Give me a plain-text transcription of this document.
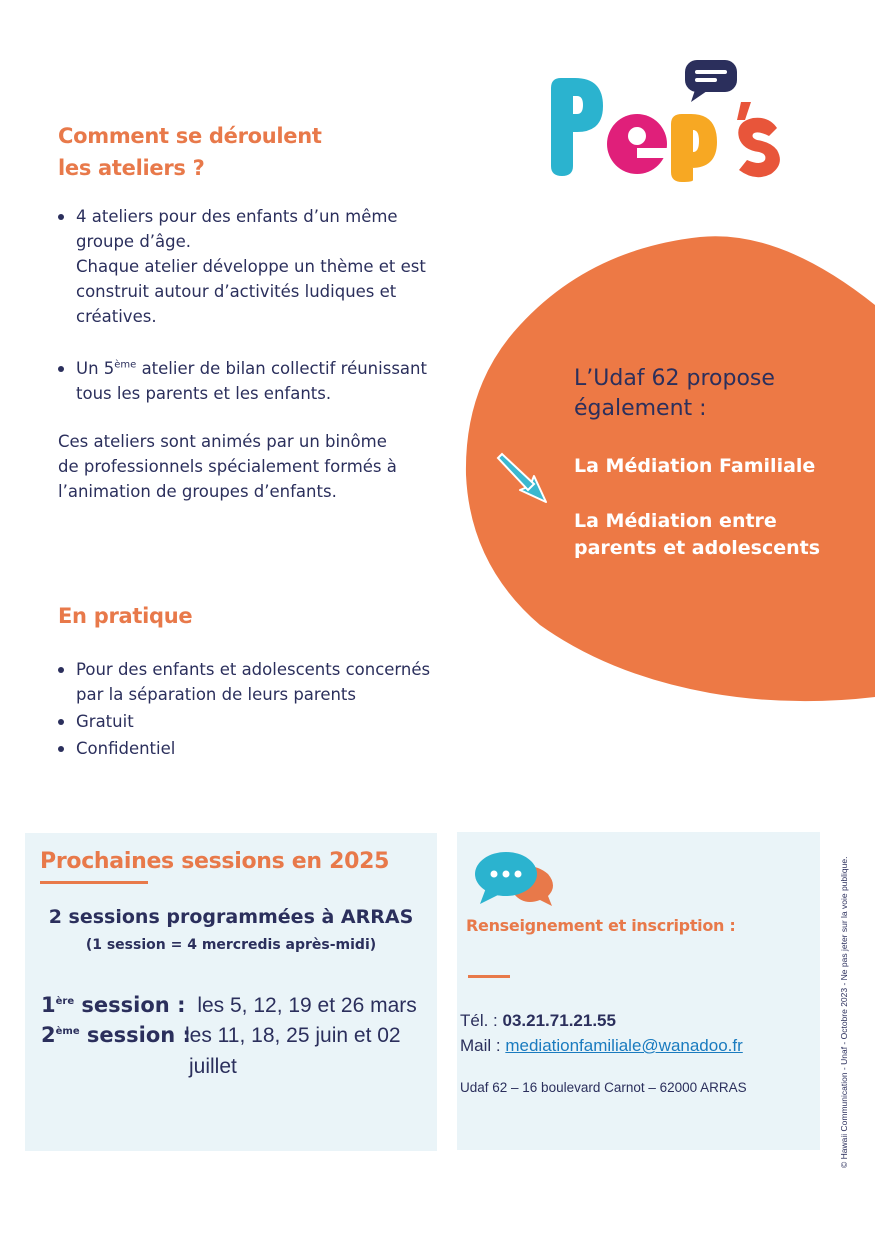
Comment se déroulent
les ateliers ?
4 ateliers pour des enfants d’un même
groupe d’âge.
Chaque atelier développe un thème et est
construit autour d’activités ludiques et
créatives.
Un 5ème atelier de bilan collectif réunissant
tous les parents et les enfants.
Ces ateliers sont animés par un binôme
de professionnels spécialement formés à
l’animation de groupes d’enfants.
En pratique
Pour des enfants et adolescents concernés
par la séparation de leurs parents
Gratuit
Confidentiel
L’Udaf 62 propose
également :
La Médiation Familiale
La Médiation entre
parents et adolescents
Prochaines sessions en 2025
2 sessions programmées à ARRAS
(1 session = 4 mercredis après-midi)
1ère session : les 5, 12, 19 et 26 mars
2ème session :
les 11, 18, 25 juin et 02
juillet
Renseignement et inscription :
Tél. : 03.21.71.21.55
Mail : mediationfamiliale@wanadoo.fr
Udaf 62 – 16 boulevard Carnot – 62000 ARRAS	© Hawaii Communication - Unaf - Octobre 2023 - Ne pas jeter sur la voie publique.
